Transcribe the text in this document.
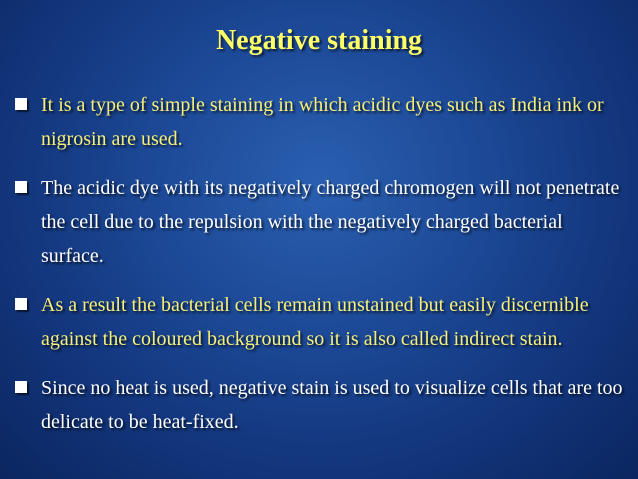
Negative staining
It is a type of simple staining in which acidic dyes such as India ink or nigrosin are used.
The acidic dye with its negatively charged chromogen will not penetrate the cell due to the repulsion with the negatively charged bacterial surface.
As a result the bacterial cells remain unstained but easily discernible against the coloured background so it is also called indirect stain.
Since no heat is used, negative stain is used to visualize cells that are too delicate to be heat-fixed.
